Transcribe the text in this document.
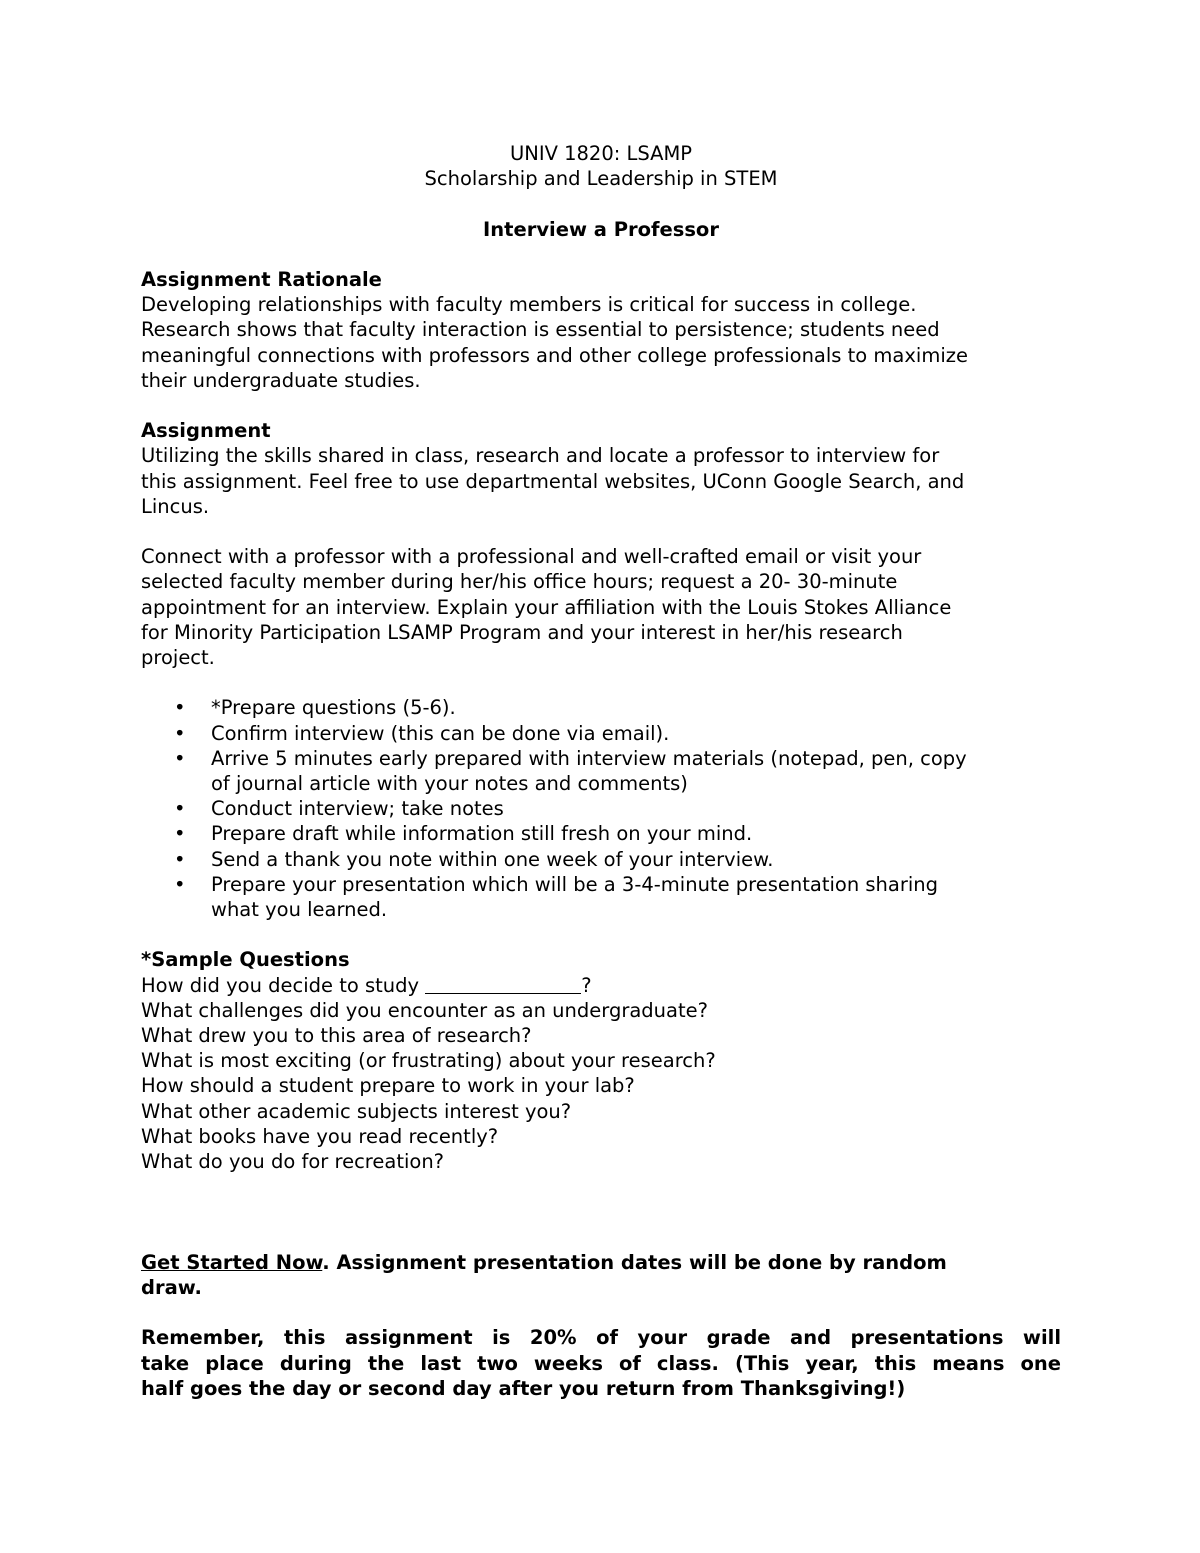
UNIV 1820: LSAMP

Scholarship and Leadership in STEM

Interview a Professor

Assignment Rationale

Developing relationships with faculty members is critical for success in college.

Research shows that faculty interaction is essential to persistence; students need

meaningful connections with professors and other college professionals to maximize

their undergraduate studies.

Assignment

Utilizing the skills shared in class, research and locate a professor to interview for

this assignment. Feel free to use departmental websites, UConn Google Search, and

Lincus.

Connect with a professor with a professional and well-crafted email or visit your

selected faculty member during her/his office hours; request a 20- 30-minute

appointment for an interview. Explain your affiliation with the Louis Stokes Alliance

for Minority Participation LSAMP Program and your interest in her/his research

project.

• *Prepare questions (5-6).
• Confirm interview (this can be done via email).
• Arrive 5 minutes early prepared with interview materials (notepad, pen, copy
of journal article with your notes and comments)
• Conduct interview; take notes
• Prepare draft while information still fresh on your mind.
• Send a thank you note within one week of your interview.
• Prepare your presentation which will be a 3-4-minute presentation sharing
what you learned.

*Sample Questions

How did you decide to study	?

What challenges did you encounter as an undergraduate?

What drew you to this area of research?

What is most exciting (or frustrating) about your research?

How should a student prepare to work in your lab?

What other academic subjects interest you?

What books have you read recently?

What do you do for recreation?

Get Started Now. Assignment presentation dates will be done by random

draw.

Remember, this assignment is 20% of your grade and presentations will

take place during the last two weeks of class. (This year, this means one

half goes the day or second day after you return from Thanksgiving!)
